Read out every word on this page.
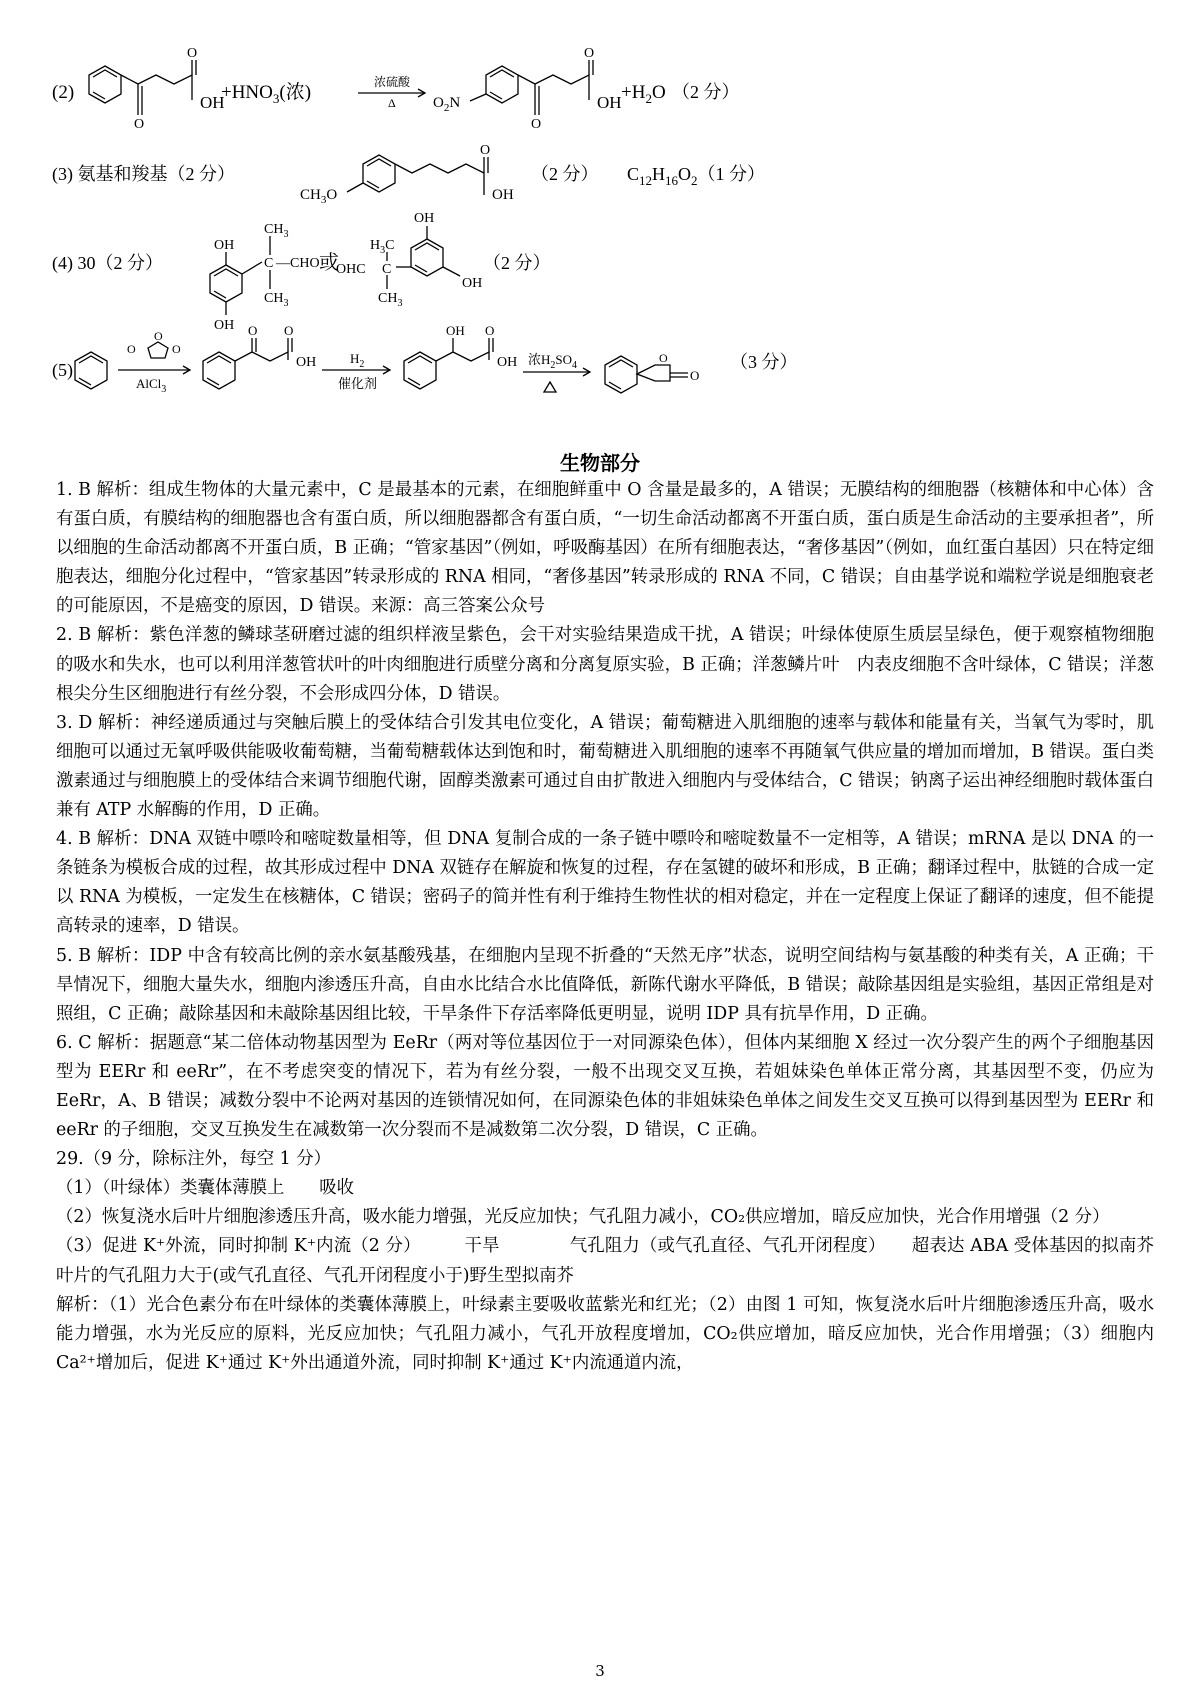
(2)	OH
$+HNO_3$(浓)	浓硫酸
Δ $O_2N$
O
O
O
O
OH $+H_2O$ （2 分）
(3) 氨基和羧基（2 分）
$CH_3O$
O
OH
（2 分） $C_{12}H_{16}O_2(1$ 分）
(4) 30（2 分）
OH
OH
$CH_3$
$CH_3$
C —CHO 或
OH
OH
$H_3C$
OHC C
$CH_3$
（2 分）
(5)
O
O
O
AlCl$_3$
O O
OH	$H_2$
催化剂
OH O
OH 浓$H_2SO_4$
O
O
（3 分）
生物部分

1. B 解析：组成生物体的大量元素中，C 是最基本的元素，在细胞鲜重中 O 含量是最多的，A 错误；无膜结构的细胞器（核糖体和中心体）含有蛋白质，有膜结构的细胞器也含有蛋白质，所以细胞器都含有蛋白质，“一切生命活动都离不开蛋白质，蛋白质是生命活动的主要承担者”，所以细胞的生命活动都离不开蛋白质，B 正确；“管家基因”（例如，呼吸酶基因）在所有细胞表达，“奢侈基因”（例如，血红蛋白基因）只在特定细胞表达，细胞分化过程中，“管家基因”转录形成的 RNA 相同，“奢侈基因”转录形成的 RNA 不同，C 错误；自由基学说和端粒学说是细胞衰老的可能原因，不是癌变的原因，D 错误。来源：高三答案公众号

2. B 解析：紫色洋葱的鳞球茎研磨过滤的组织样液呈紫色，会干对实验结果造成干扰，A 错误；叶绿体使原生质层呈绿色，便于观察植物细胞的吸水和失水，也可以利用洋葱管状叶的叶肉细胞进行质壁分离和分离复原实验，B 正确；洋葱鳞片叶　内表皮细胞不含叶绿体，C 错误；洋葱根尖分生区细胞进行有丝分裂，不会形成四分体，D 错误。

3. D 解析：神经递质通过与突触后膜上的受体结合引发其电位变化，A 错误；葡萄糖进入肌细胞的速率与载体和能量有关，当氧气为零时，肌细胞可以通过无氧呼吸供能吸收葡萄糖，当葡萄糖载体达到饱和时，葡萄糖进入肌细胞的速率不再随氧气供应量的增加而增加，B 错误。蛋白类激素通过与细胞膜上的受体结合来调节细胞代谢，固醇类激素可通过自由扩散进入细胞内与受体结合，C 错误；钠离子运出神经细胞时载体蛋白兼有 ATP 水解酶的作用，D 正确。

4. B 解析：DNA 双链中嘌呤和嘧啶数量相等，但 DNA 复制合成的一条子链中嘌呤和嘧啶数量不一定相等，A 错误；mRNA 是以 DNA 的一条链条为模板合成的过程，故其形成过程中 DNA 双链存在解旋和恢复的过程，存在氢键的破坏和形成，B 正确；翻译过程中，肽链的合成一定以 RNA 为模板，一定发生在核糖体，C 错误；密码子的简并性有利于维持生物性状的相对稳定，并在一定程度上保证了翻译的速度，但不能提高转录的速率，D 错误。

5. B 解析：IDP 中含有较高比例的亲水氨基酸残基，在细胞内呈现不折叠的“天然无序”状态，说明空间结构与氨基酸的种类有关，A 正确；干旱情况下，细胞大量失水，细胞内渗透压升高，自由水比结合水比值降低，新陈代谢水平降低，B 错误；敲除基因组是实验组，基因正常组是对照组，C 正确；敲除基因和未敲除基因组比较，干旱条件下存活率降低更明显，说明 IDP 具有抗旱作用，D 正确。

6. C 解析：据题意“某二倍体动物基因型为 EeRr（两对等位基因位于一对同源染色体），但体内某细胞 X 经过一次分裂产生的两个子细胞基因型为 EERr 和 eeRr”，在不考虑突变的情况下，若为有丝分裂，一般不出现交叉互换，若姐妹染色单体正常分离，其基因型不变，仍应为 EeRr，A、B 错误；减数分裂中不论两对基因的连锁情况如何，在同源染色体的非姐妹染色单体之间发生交叉互换可以得到基因型为 EERr 和 eeRr 的子细胞，交叉互换发生在减数第一次分裂而不是减数第二次分裂，D 错误，C 正确。

29.（9 分，除标注外，每空 1 分）

（1）（叶绿体）类囊体薄膜上　　吸收

（2）恢复浇水后叶片细胞渗透压升高，吸水能力增强，光反应加快；气孔阻力减小，CO₂供应增加，暗反应加快，光合作用增强（2 分）

（3）促进 K⁺外流，同时抑制 K⁺内流（2 分）　　　干旱　　　　气孔阻力（或气孔直径、气孔开闭程度）　　超表达 ABA 受体基因的拟南芥叶片的气孔阻力大于(或气孔直径、气孔开闭程度小于)野生型拟南芥

解析：（1）光合色素分布在叶绿体的类囊体薄膜上，叶绿素主要吸收蓝紫光和红光；（2）由图 1 可知，恢复浇水后叶片细胞渗透压升高，吸水能力增强，水为光反应的原料，光反应加快；气孔阻力减小，气孔开放程度增加，CO₂供应增加，暗反应加快，光合作用增强；（3）细胞内 Ca²⁺增加后，促进 K⁺通过 K⁺外出通道外流，同时抑制 K⁺通过 K⁺内流通道内流，

3
